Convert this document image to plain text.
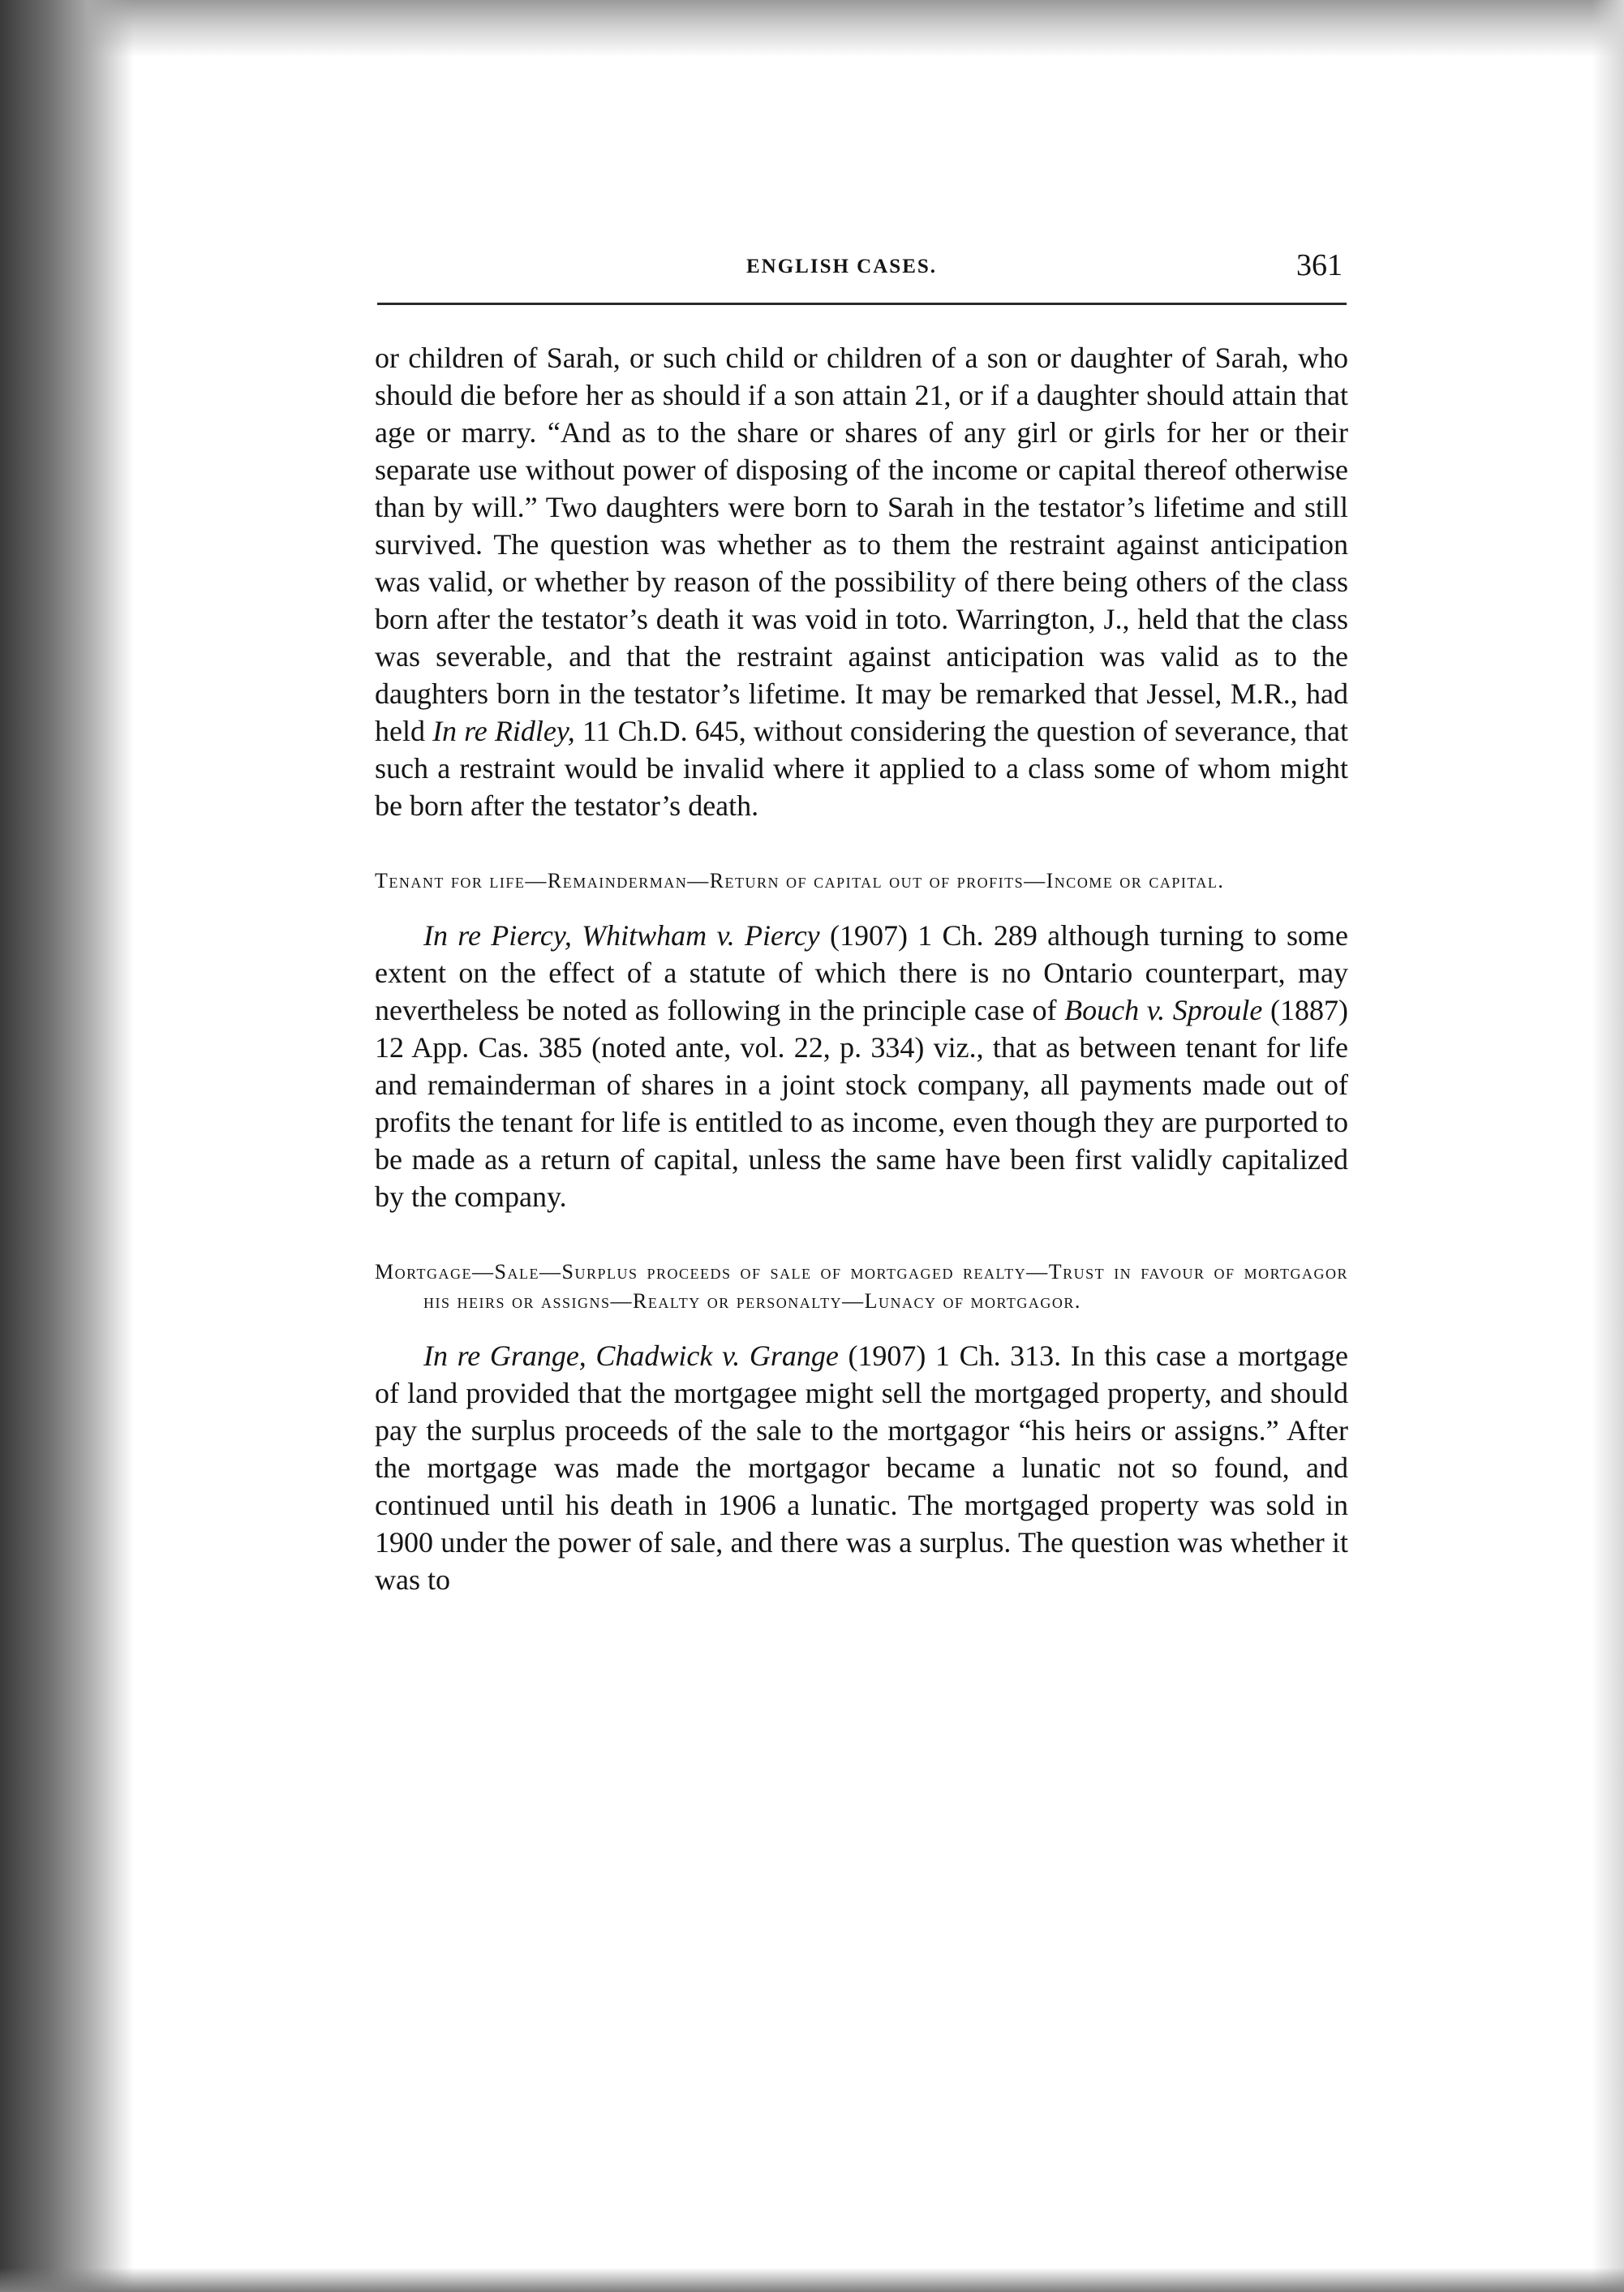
ENGLISH CASES.	361

or children of Sarah, or such child or children of a son or daughter of Sarah, who should die before her as should if a son attain 21, or if a daughter should attain that age or marry. “And as to the share or shares of any girl or girls for her or their separate use without power of disposing of the income or capital thereof otherwise than by will.” Two daughters were born to Sarah in the testator’s lifetime and still survived. The question was whether as to them the restraint against anticipation was valid, or whether by reason of the possibility of there being others of the class born after the testator’s death it was void in toto. Warrington, J., held that the class was severable, and that the restraint against anticipation was valid as to the daughters born in the testator’s lifetime. It may be remarked that Jessel, M.R., had held In re Ridley, 11 Ch.D. 645, without considering the question of severance, that such a restraint would be invalid where it applied to a class some of whom might be born after the testator’s death.

Tenant for life—Remainderman—Return of capital out of profits—Income or capital.

In re Piercy, Whitwham v. Piercy (1907) 1 Ch. 289 although turning to some extent on the effect of a statute of which there is no Ontario counterpart, may nevertheless be noted as following in the principle case of Bouch v. Sproule (1887) 12 App. Cas. 385 (noted ante, vol. 22, p. 334) viz., that as between tenant for life and remainderman of shares in a joint stock company, all payments made out of profits the tenant for life is entitled to as income, even though they are purported to be made as a return of capital, unless the same have been first validly capitalized by the company.

Mortgage—Sale—Surplus proceeds of sale of mortgaged realty—Trust in favour of mortgagor his heirs or assigns—Realty or personalty—Lunacy of mortgagor.

In re Grange, Chadwick v. Grange (1907) 1 Ch. 313. In this case a mortgage of land provided that the mortgagee might sell the mortgaged property, and should pay the surplus proceeds of the sale to the mortgagor “his heirs or assigns.” After the mortgage was made the mortgagor became a lunatic not so found, and continued until his death in 1906 a lunatic. The mortgaged property was sold in 1900 under the power of sale, and there was a surplus. The question was whether it was to
